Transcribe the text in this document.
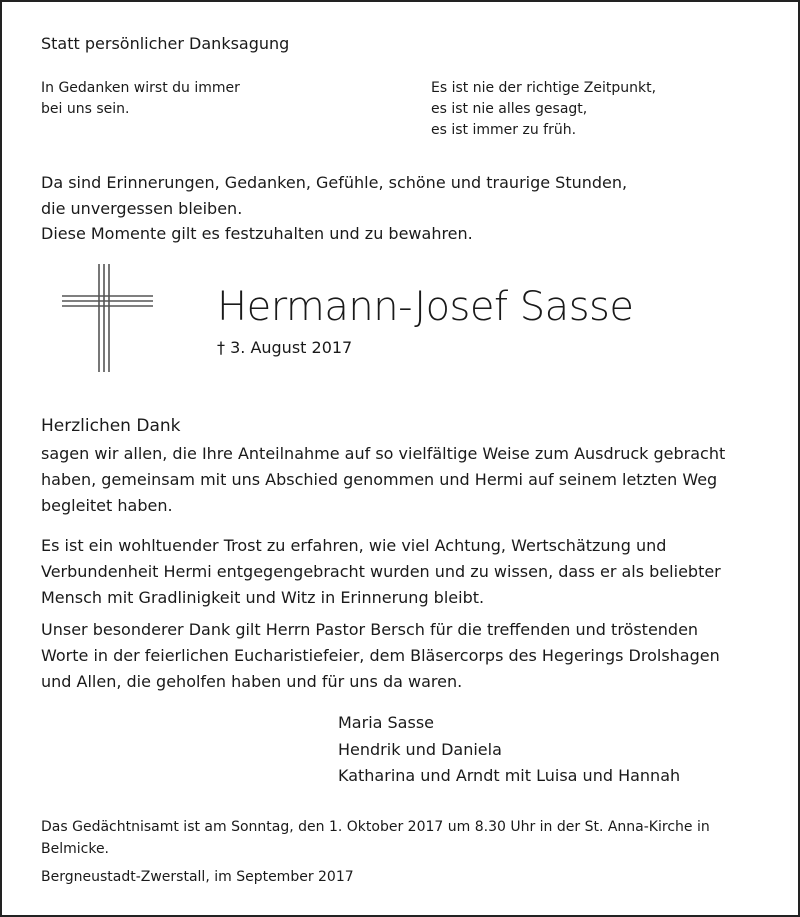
Statt persönlicher Danksagung
In Gedanken wirst du immer
bei uns sein.
Es ist nie der richtige Zeitpunkt,
es ist nie alles gesagt,
es ist immer zu früh.
Da sind Erinnerungen, Gedanken, Gefühle, schöne und traurige Stunden,
die unvergessen bleiben.
Diese Momente gilt es festzuhalten und zu bewahren.
Hermann-Josef Sasse
† 3. August 2017
Herzlichen Dank
sagen wir allen, die Ihre Anteilnahme auf so vielfältige Weise zum Ausdruck gebracht
haben, gemeinsam mit uns Abschied genommen und Hermi auf seinem letzten Weg
begleitet haben.
Es ist ein wohltuender Trost zu erfahren, wie viel Achtung, Wertschätzung und
Verbundenheit Hermi entgegengebracht wurden und zu wissen, dass er als beliebter
Mensch mit Gradlinigkeit und Witz in Erinnerung bleibt.
Unser besonderer Dank gilt Herrn Pastor Bersch für die treffenden und tröstenden
Worte in der feierlichen Eucharistiefeier, dem Bläsercorps des Hegerings Drolshagen
und Allen, die geholfen haben und für uns da waren.
Maria Sasse
Hendrik und Daniela
Katharina und Arndt mit Luisa und Hannah
Das Gedächtnisamt ist am Sonntag, den 1. Oktober 2017 um 8.30 Uhr in der St. Anna-Kirche in
Belmicke.
Bergneustadt-Zwerstall, im September 2017
